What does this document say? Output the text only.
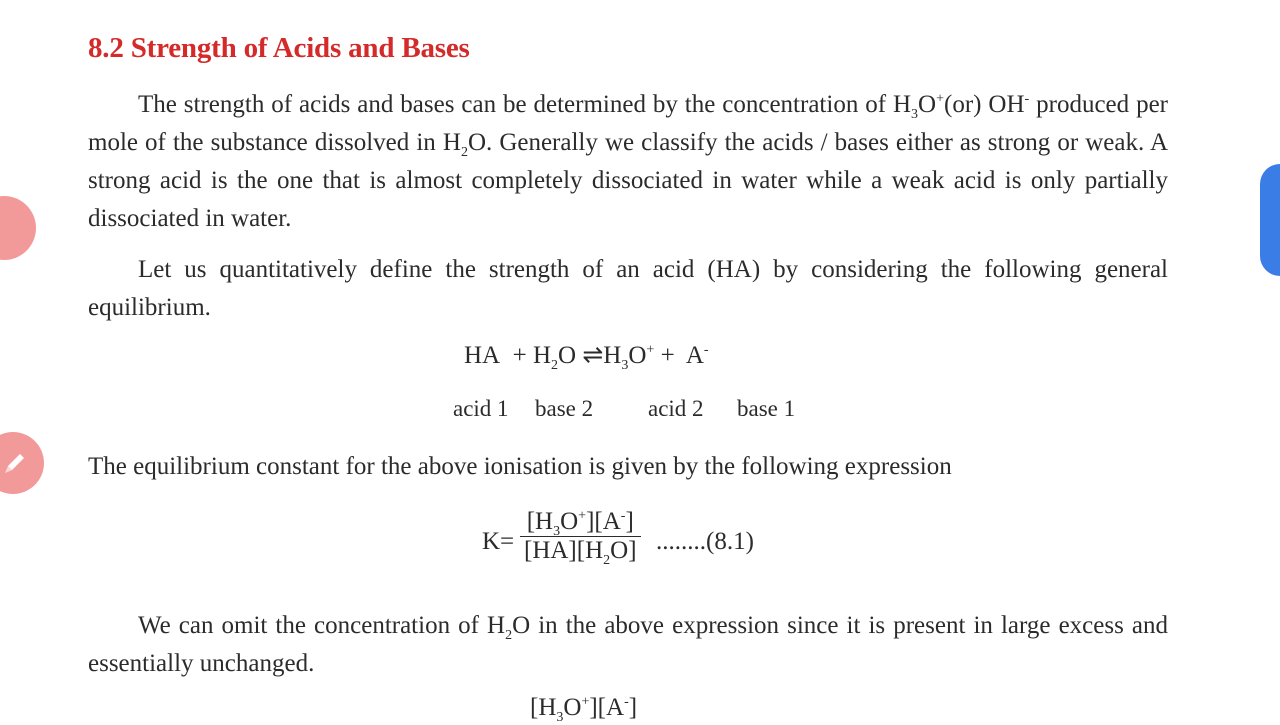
8.2 Strength of Acids and Bases
The strength of acids and bases can be determined by the concentration of $H_3O^+(or)$ OH- produced per mole of the substance dissolved in $H_2O$. Generally we classify the acids / bases either as strong or weak. A strong acid is the one that is almost completely dissociated in water while a weak acid is only partially dissociated in water.
Let us quantitatively define the strength of an acid (HA) by considering the following general equilibrium.
HA + $H_2O$ $\rightleftharpoons H_3O^+ + A^-$
acid 1 base 2 acid 2 base 1
The equilibrium constant for the above ionisation is given by the following expression
$K= \frac{[H_3O^+][A^-]}{[HA][H_2O]} ........(8.1)$
We can omit the concentration of $H_2O$ in the above expression since it is present in large excess and essentially unchanged.
$[H_3O^+][A^-]$
